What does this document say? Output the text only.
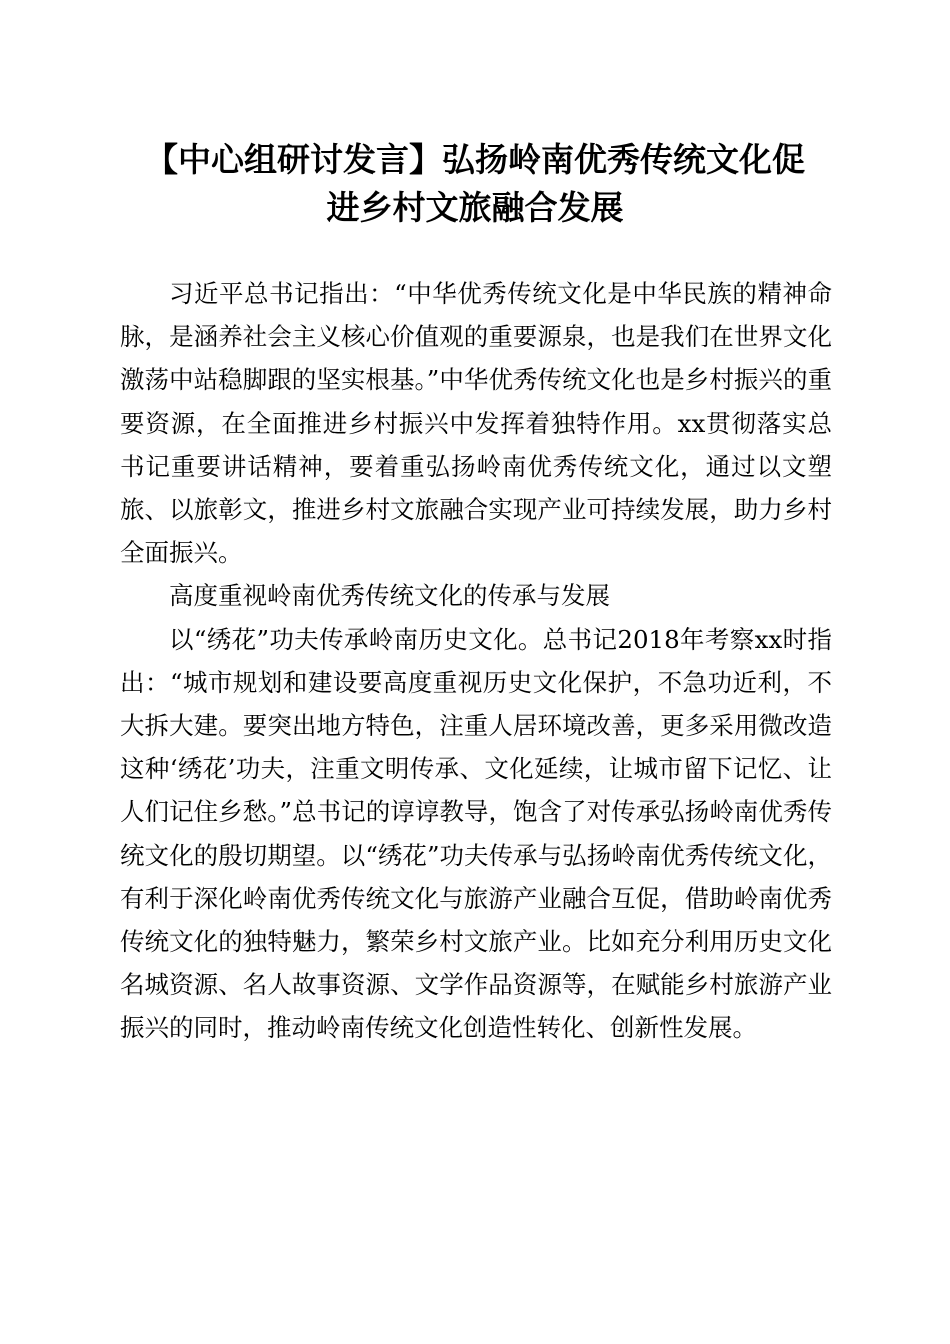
【中心组研讨发言】弘扬岭南优秀传统文化促
进乡村文旅融合发展

习近平总书记指出：“中华优秀传统文化是中华民族的精神命脉，是涵养社会主义核心价值观的重要源泉，也是我们在世界文化激荡中站稳脚跟的坚实根基。”中华优秀传统文化也是乡村振兴的重要资源，在全面推进乡村振兴中发挥着独特作用。xx贯彻落实总书记重要讲话精神，要着重弘扬岭南优秀传统文化，通过以文塑旅、以旅彰文，推进乡村文旅融合实现产业可持续发展，助力乡村全面振兴。

高度重视岭南优秀传统文化的传承与发展

以“绣花”功夫传承岭南历史文化。总书记2018年考察xx时指出：“城市规划和建设要高度重视历史文化保护，不急功近利，不大拆大建。要突出地方特色，注重人居环境改善，更多采用微改造这种‘绣花’功夫，注重文明传承、文化延续，让城市留下记忆、让人们记住乡愁。”总书记的谆谆教导，饱含了对传承弘扬岭南优秀传统文化的殷切期望。以“绣花”功夫传承与弘扬岭南优秀传统文化，有利于深化岭南优秀传统文化与旅游产业融合互促，借助岭南优秀传统文化的独特魅力，繁荣乡村文旅产业。比如充分利用历史文化名城资源、名人故事资源、文学作品资源等，在赋能乡村旅游产业振兴的同时，推动岭南传统文化创造性转化、创新性发展。
